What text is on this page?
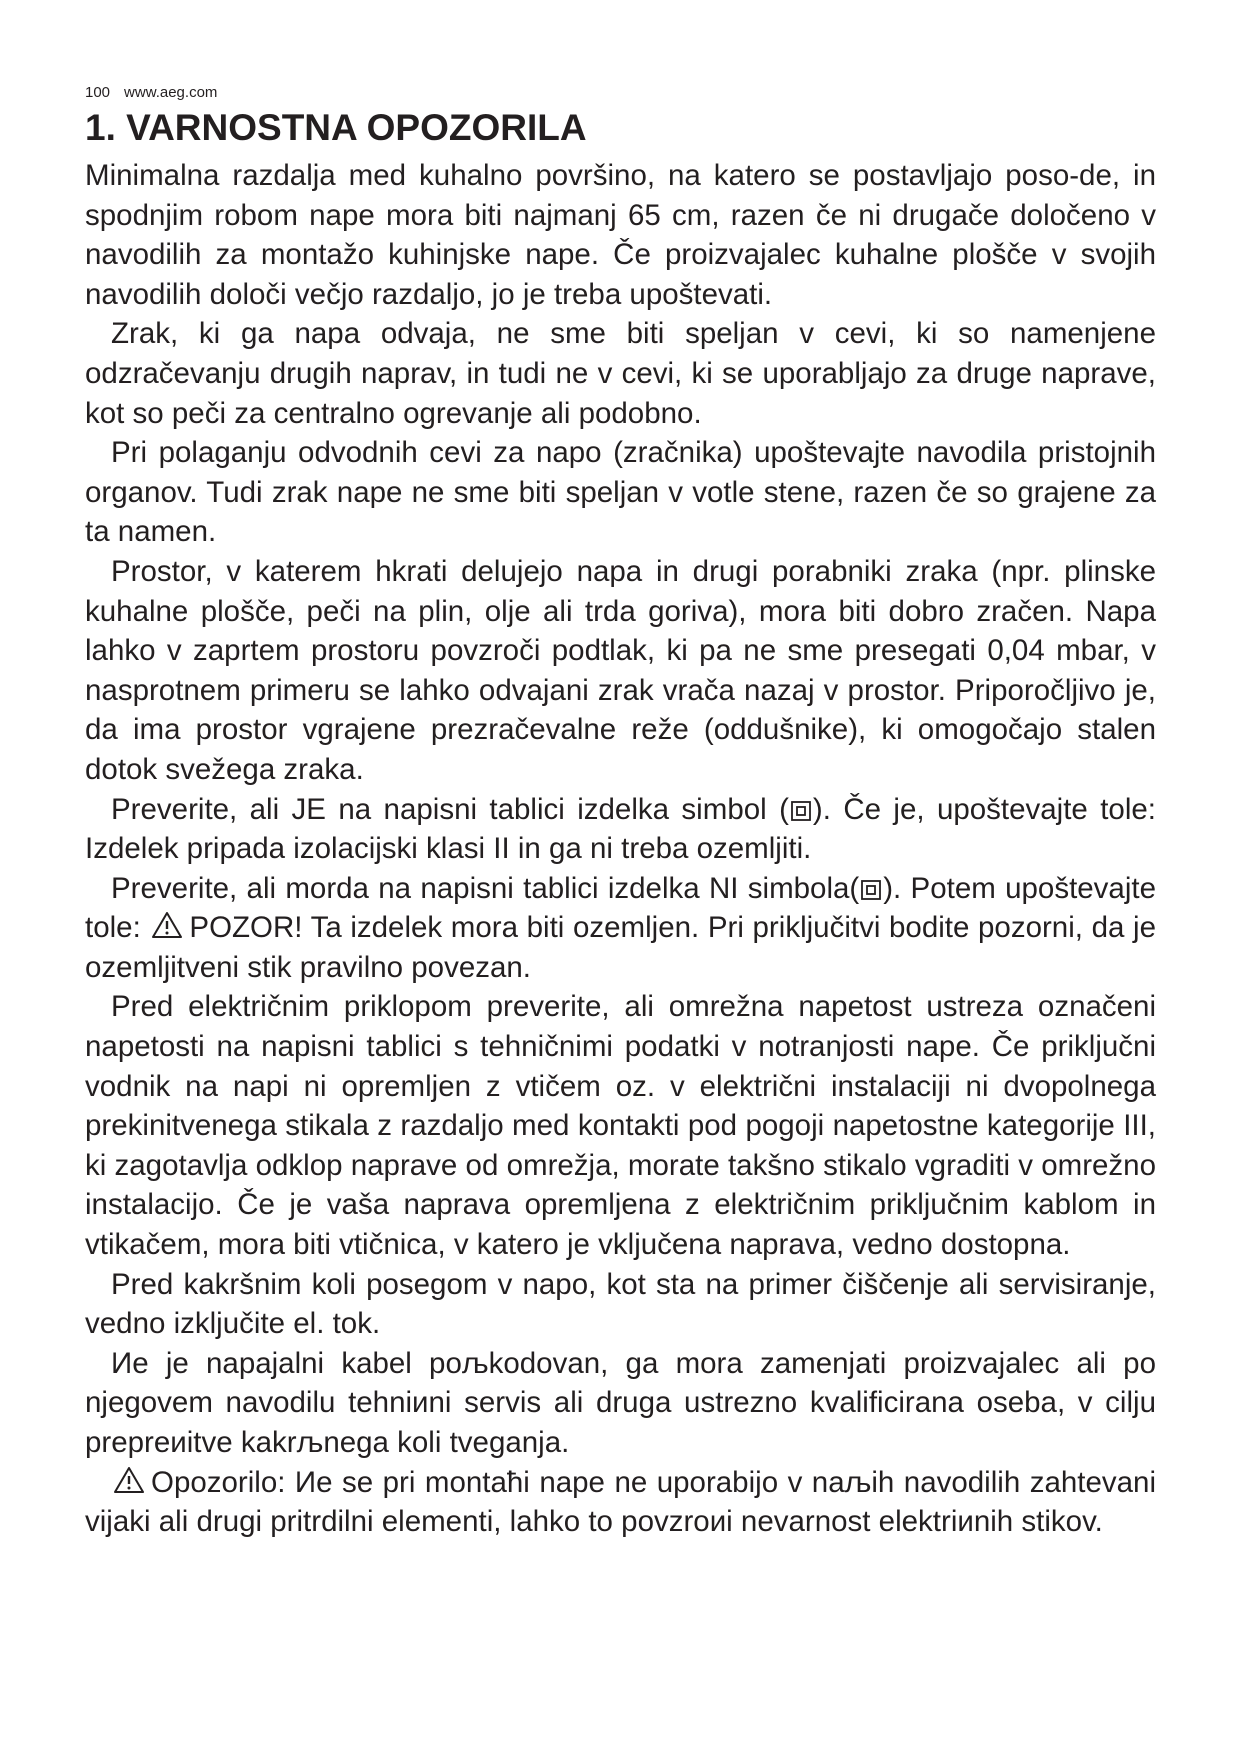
100 www.aeg.com
1. VARNOSTNA OPOZORILA

Minimalna razdalja med kuhalno površino, na katero se postavljajo poso-de, in spodnjim robom nape mora biti najmanj 65 cm, razen če ni drugače določeno v navodilih za montažo kuhinjske nape. Če proizvajalec kuhalne plošče v svojih navodilih določi večjo razdaljo, jo je treba upoštevati.

Zrak, ki ga napa odvaja, ne sme biti speljan v cevi, ki so namenjene odzračevanju drugih naprav, in tudi ne v cevi, ki se uporabljajo za druge naprave, kot so peči za centralno ogrevanje ali podobno.

Pri polaganju odvodnih cevi za napo (zračnika) upoštevajte navodila pristojnih organov. Tudi zrak nape ne sme biti speljan v votle stene, razen če so grajene za ta namen.

Prostor, v katerem hkrati delujejo napa in drugi porabniki zraka (npr. plinske kuhalne plošče, peči na plin, olje ali trda goriva), mora biti dobro zračen. Napa lahko v zaprtem prostoru povzroči podtlak, ki pa ne sme presegati 0,04 mbar, v nasprotnem primeru se lahko odvajani zrak vrača nazaj v prostor. Priporočljivo je, da ima prostor vgrajene prezračevalne reže (oddušnike), ki omogočajo stalen dotok svežega zraka.

Preverite, ali JE na napisni tablici izdelka simbol ( ). Če je, upoštevajte tole: Izdelek pripada izolacijski klasi II in ga ni treba ozemljiti.

Preverite, ali morda na napisni tablici izdelka NI simbola( ). Potem upoštevajte tole: POZOR! Ta izdelek mora biti ozemljen. Pri priključitvi bodite pozorni, da je ozemljitveni stik pravilno povezan.

Pred električnim priklopom preverite, ali omrežna napetost ustreza označeni napetosti na napisni tablici s tehničnimi podatki v notranjosti nape. Če priključni vodnik na napi ni opremljen z vtičem oz. v električni instalaciji ni dvopolnega prekinitvenega stikala z razdaljo med kontakti pod pogoji napetostne kategorije III, ki zagotavlja odklop naprave od omrežja, morate takšno stikalo vgraditi v omrežno instalacijo. Če je vaša naprava opremljena z električnim priključnim kablom in vtikačem, mora biti vtičnica, v katero je vključena naprava, vedno dostopna.

Pred kakršnim koli posegom v napo, kot sta na primer čiščenje ali servisiranje, vedno izključite el. tok.

Иe je napajalni kabel poљkodovan, ga mora zamenjati proizvajalec ali po njegovem navodilu tehniиni servis ali druga ustrezno kvalificirana oseba, v cilju prepreиitve kakrљnega koli tveganja.

Opozorilo: Иe se pri montaћi nape ne uporabijo v naљih navodilih zahtevani vijaki ali drugi pritrdilni elementi, lahko to povzroиi nevarnost elektriиnih stikov.
